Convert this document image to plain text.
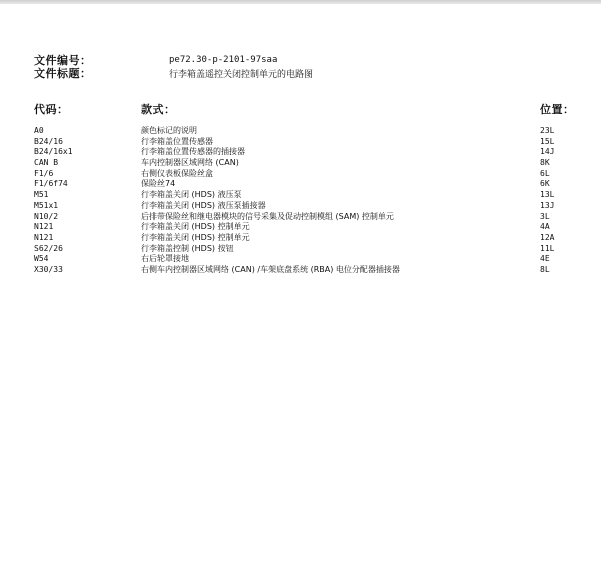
文件编号：	pe72.30-p-2101-97saa
文件标题：	行李箱盖遥控关闭控制单元的电路图
代码：	款式：	位置：
A0	颜色标记的说明	23L
B24/16	行李箱盖位置传感器	15L
B24/16x1	行李箱盖位置传感器的插接器	14J
CAN B	车内控制器区域网络 (CAN)	8K
F1/6	右侧仪表板保险丝盒	6L
F1/6f74	保险丝74	6K
M51	行李箱盖关闭 (HDS) 液压泵	13L
M51x1	行李箱盖关闭 (HDS) 液压泵插接器	13J
N10/2	后排带保险丝和继电器模块的信号采集及促动控制模组 (SAM) 控制单元	3L
N121	行李箱盖关闭 (HDS) 控制单元	4A
N121	行李箱盖关闭 (HDS) 控制单元	12A
S62/26	行李箱盖控制 (HDS) 按钮	11L
W54	右后轮罩接地	4E
X30/33	右侧车内控制器区域网络 (CAN) /车架底盘系统 (RBA) 电位分配器插接器	8L
